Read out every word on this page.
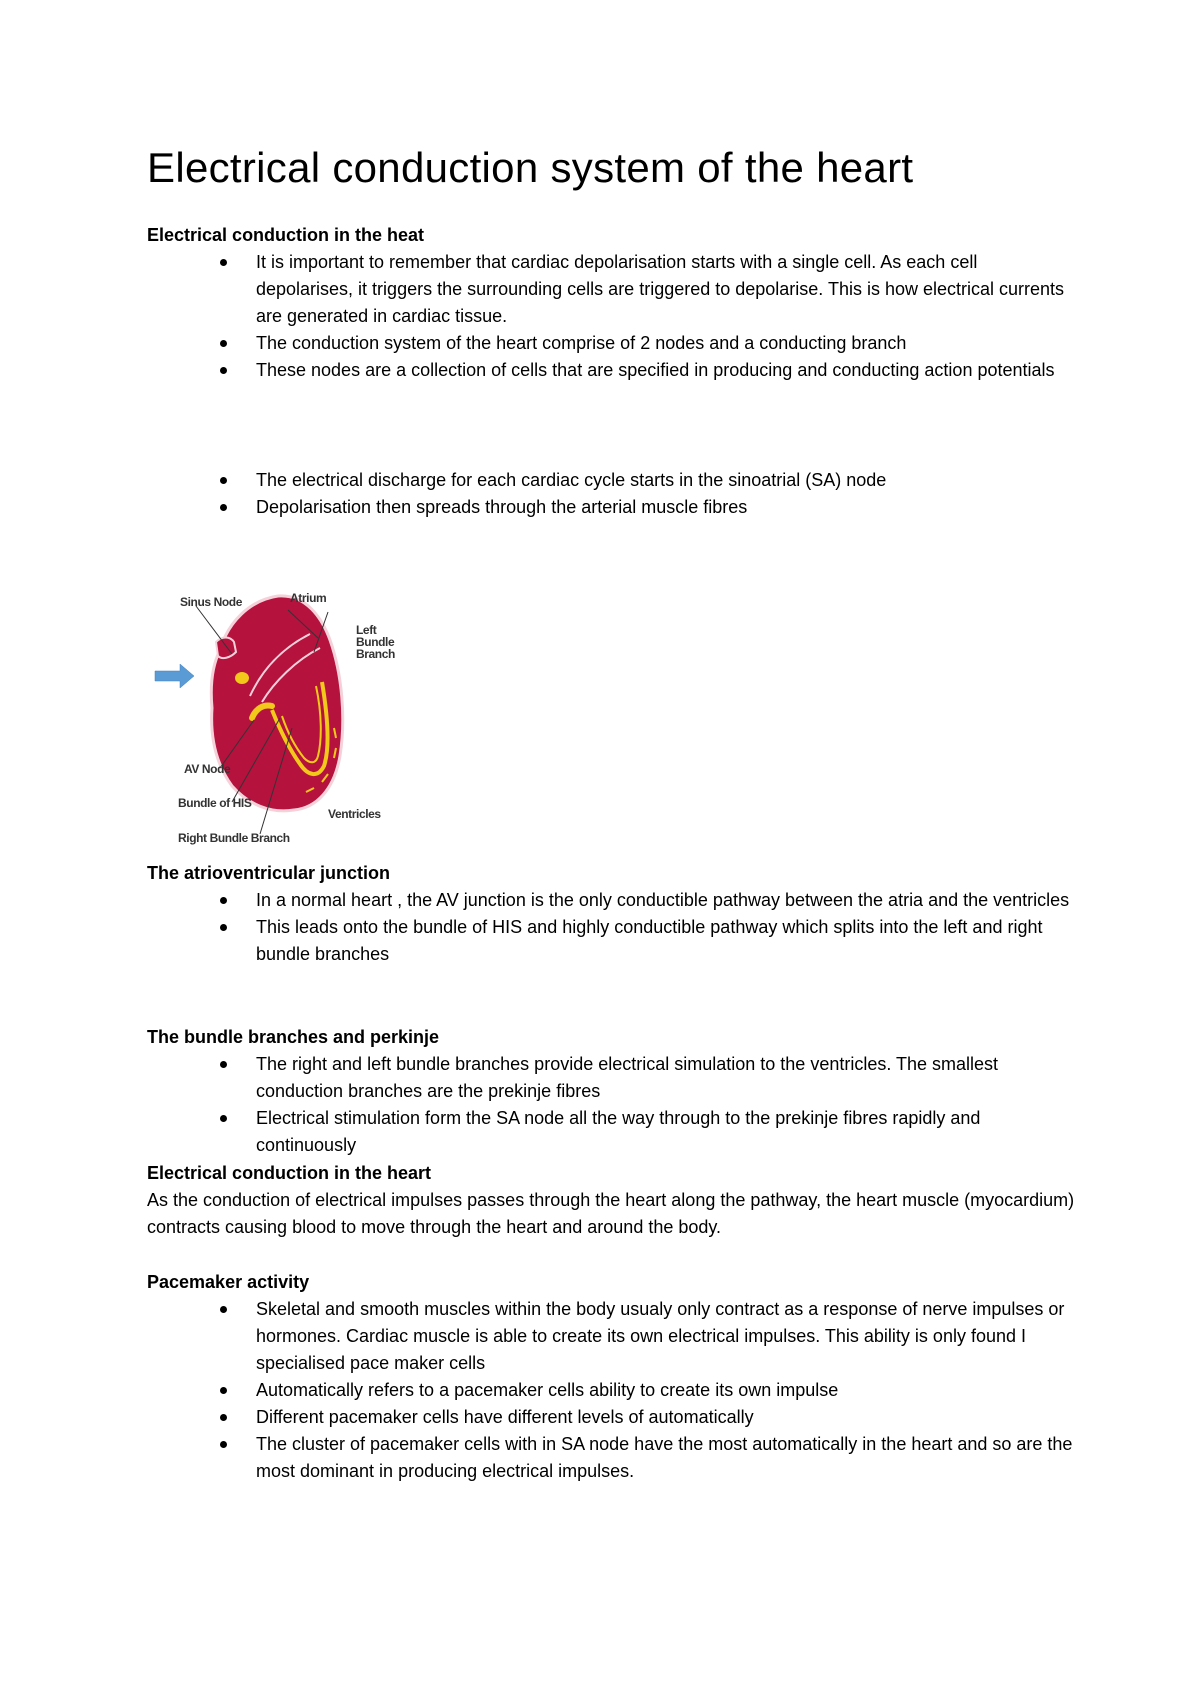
Electrical conduction system of the heart
Electrical conduction in the heat
It is important to remember that cardiac depolarisation starts with a single cell. As each cell depolarises, it triggers the surrounding cells are triggered to depolarise. This is how electrical currents are generated in cardiac tissue.
The conduction system of the heart comprise of 2 nodes and a conducting branch
These nodes are a collection of cells that are specified in producing and conducting action potentials
The electrical discharge for each cardiac cycle starts in the sinoatrial (SA) node
Depolarisation then spreads through the arterial muscle fibres
Sinus Node	Atrium
Left
Bundle
Branch
AV Node
Bundle of HIS
Ventricles
Right Bundle Branch
The atrioventricular junction
In a normal heart , the AV junction is the only conductible pathway between the atria and the ventricles
This leads onto the bundle of HIS and highly conductible pathway which splits into the left and right bundle branches
The bundle branches and perkinje
The right and left bundle branches provide electrical simulation to the ventricles. The smallest conduction branches are the prekinje fibres
Electrical stimulation form the SA node all the way through to the prekinje fibres rapidly and continuously
Electrical conduction in the heart

As the conduction of electrical impulses passes through the heart along the pathway, the heart muscle (myocardium) contracts causing blood to move through the heart and around the body.

Pacemaker activity
Skeletal and smooth muscles within the body usualy only contract as a response of nerve impulses or hormones. Cardiac muscle is able to create its own electrical impulses. This ability is only found I specialised pace maker cells
Automatically refers to a pacemaker cells ability to create its own impulse
Different pacemaker cells have different levels of automatically
The cluster of pacemaker cells with in SA node have the most automatically in the heart and so are the most dominant in producing electrical impulses.
